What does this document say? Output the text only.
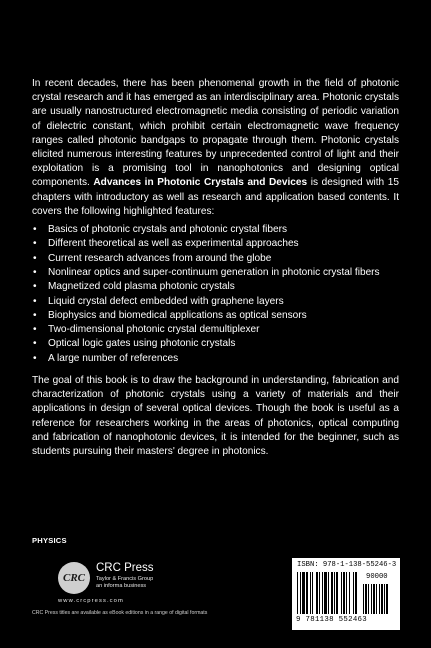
In recent decades, there has been phenomenal growth in the field of photonic crystal research and it has emerged as an interdisciplinary area. Photonic crystals are usually nanostructured electromagnetic media consisting of periodic variation of dielectric constant, which prohibit certain electromagnetic wave frequency ranges called photonic bandgaps to propagate through them. Photonic crystals elicited numerous interesting features by unprecedented control of light and their exploitation is a promising tool in nanophotonics and designing optical components. Advances in Photonic Crystals and Devices is designed with 15 chapters with introductory as well as research and application based contents. It covers the following highlighted features:

• Basics of photonic crystals and photonic crystal fibers
• Different theoretical as well as experimental approaches
• Current research advances from around the globe
• Nonlinear optics and super-continuum generation in photonic crystal fibers
• Magnetized cold plasma photonic crystals
• Liquid crystal defect embedded with graphene layers
• Biophysics and biomedical applications as optical sensors
• Two-dimensional photonic crystal demultiplexer
• Optical logic gates using photonic crystals
• A large number of references

The goal of this book is to draw the background in understanding, fabrication and characterization of photonic crystals using a variety of materials and their applications in design of several optical devices. Though the book is useful as a reference for researchers working in the areas of photonics, optical computing and fabrication of nanophotonic devices, it is intended for the beginner, such as students pursuing their masters' degree in photonics.

PHYSICS
CRC
CRC Press
Taylor & Francis Group
an informa business
www.crcpress.com
CRC Press titles are available as eBook editions in a range of digital formats
ISBN: 978-1-138-55246-3
90000
9 781138 552463
